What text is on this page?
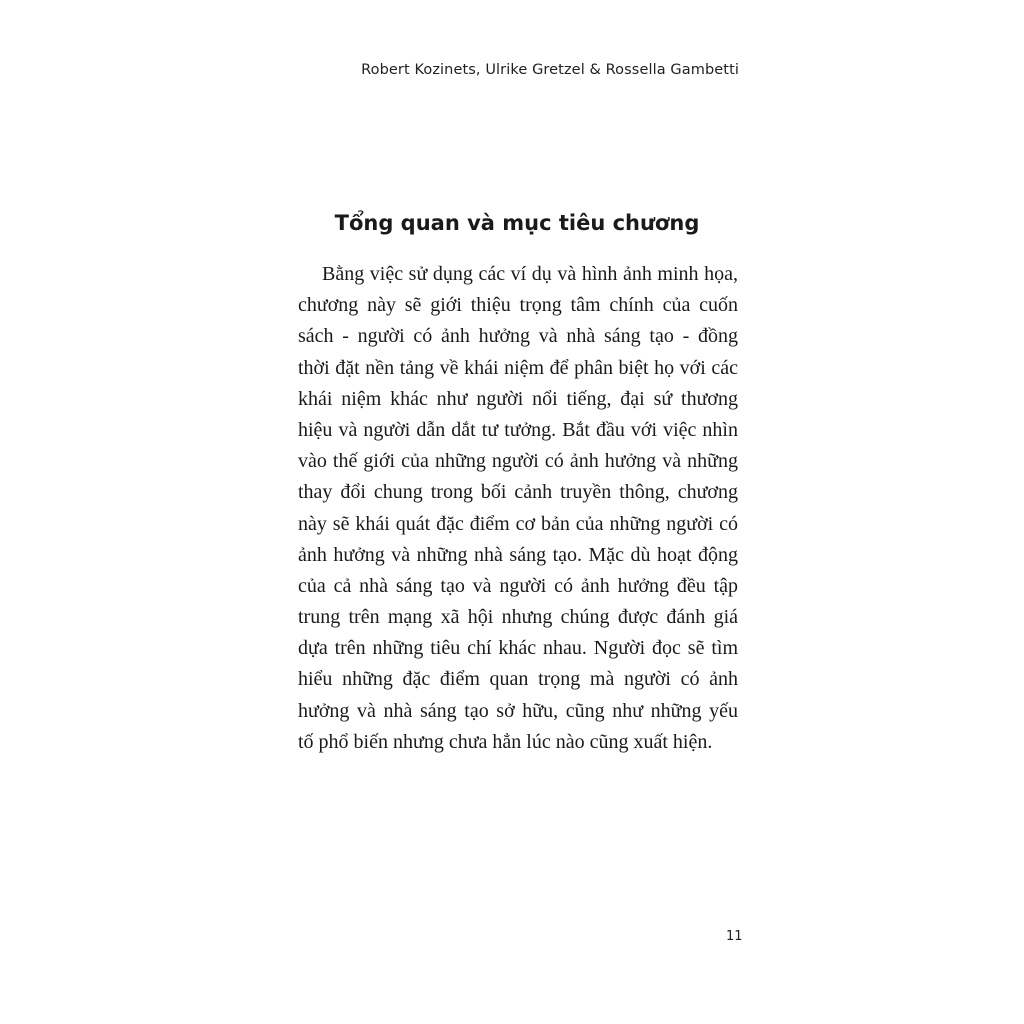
Robert Kozinets, Ulrike Gretzel & Rossella Gambetti
Tổng quan và mục tiêu chương
Bằng việc sử dụng các ví dụ và hình ảnh minh họa,
chương này sẽ giới thiệu trọng tâm chính của cuốn
sách - người có ảnh hưởng và nhà sáng tạo - đồng
thời đặt nền tảng về khái niệm để phân biệt họ với các
khái niệm khác như người nổi tiếng, đại sứ thương
hiệu và người dẫn dắt tư tưởng. Bắt đầu với việc nhìn
vào thế giới của những người có ảnh hưởng và những
thay đổi chung trong bối cảnh truyền thông, chương
này sẽ khái quát đặc điểm cơ bản của những người có
ảnh hưởng và những nhà sáng tạo. Mặc dù hoạt động
của cả nhà sáng tạo và người có ảnh hưởng đều tập
trung trên mạng xã hội nhưng chúng được đánh giá
dựa trên những tiêu chí khác nhau. Người đọc sẽ tìm
hiểu những đặc điểm quan trọng mà người có ảnh
hưởng và nhà sáng tạo sở hữu, cũng như những yếu
tố phổ biến nhưng chưa hẳn lúc nào cũng xuất hiện.
11
